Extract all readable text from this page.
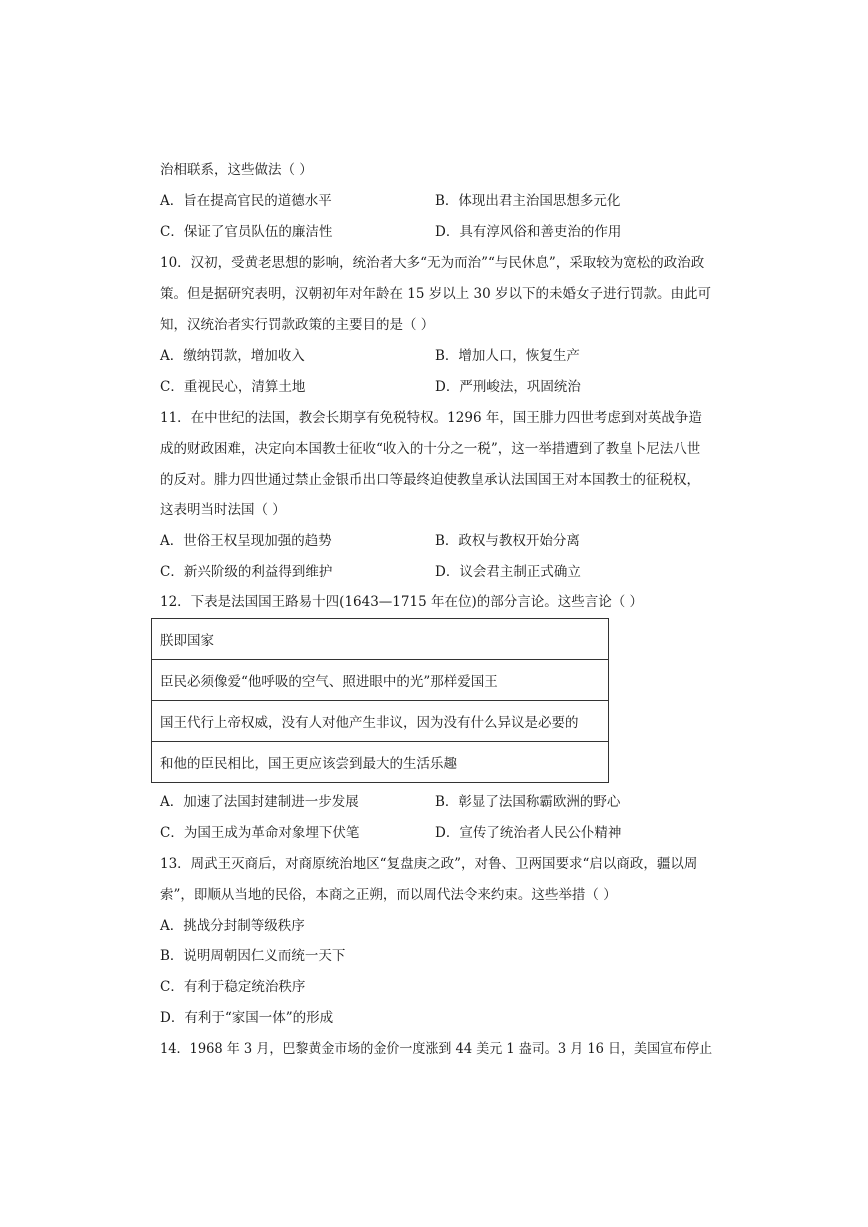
治相联系，这些做法（ ）
A．旨在提高官民的道德水平	B．体现出君主治国思想多元化
C．保证了官员队伍的廉洁性	D．具有淳风俗和善吏治的作用
10．汉初，受黄老思想的影响，统治者大多“无为而治”“与民休息”，采取较为宽松的政治政
策。但是据研究表明，汉朝初年对年龄在 15 岁以上 30 岁以下的未婚女子进行罚款。由此可
知，汉统治者实行罚款政策的主要目的是（ ）
A．缴纳罚款，增加收入	B．增加人口，恢复生产
C．重视民心，清算土地	D．严刑峻法，巩固统治
11．在中世纪的法国，教会长期享有免税特权。1296 年，国王腓力四世考虑到对英战争造
成的财政困难，决定向本国教士征收“收入的十分之一税”，这一举措遭到了教皇卜尼法八世
的反对。腓力四世通过禁止金银币出口等最终迫使教皇承认法国国王对本国教士的征税权，
这表明当时法国（ ）
A．世俗王权呈现加强的趋势	B．政权与教权开始分离
C．新兴阶级的利益得到维护	D．议会君主制正式确立
12．下表是法国国王路易十四(1643—1715 年在位)的部分言论。这些言论（ ）
朕即国家
臣民必须像爱“他呼吸的空气、照进眼中的光”那样爱国王
国王代行上帝权威，没有人对他产生非议，因为没有什么异议是必要的
和他的臣民相比，国王更应该尝到最大的生活乐趣
A．加速了法国封建制进一步发展	B．彰显了法国称霸欧洲的野心
C．为国王成为革命对象埋下伏笔	D．宣传了统治者人民公仆精神
13．周武王灭商后，对商原统治地区“复盘庚之政”，对鲁、卫两国要求“启以商政，疆以周
索”，即顺从当地的民俗，本商之正朔，而以周代法令来约束。这些举措（ ）
A．挑战分封制等级秩序
B．说明周朝因仁义而统一天下
C．有利于稳定统治秩序
D．有利于“家国一体”的形成
14．1968 年 3 月，巴黎黄金市场的金价一度涨到 44 美元 1 盎司。3 月 16 日，美国宣布停止
